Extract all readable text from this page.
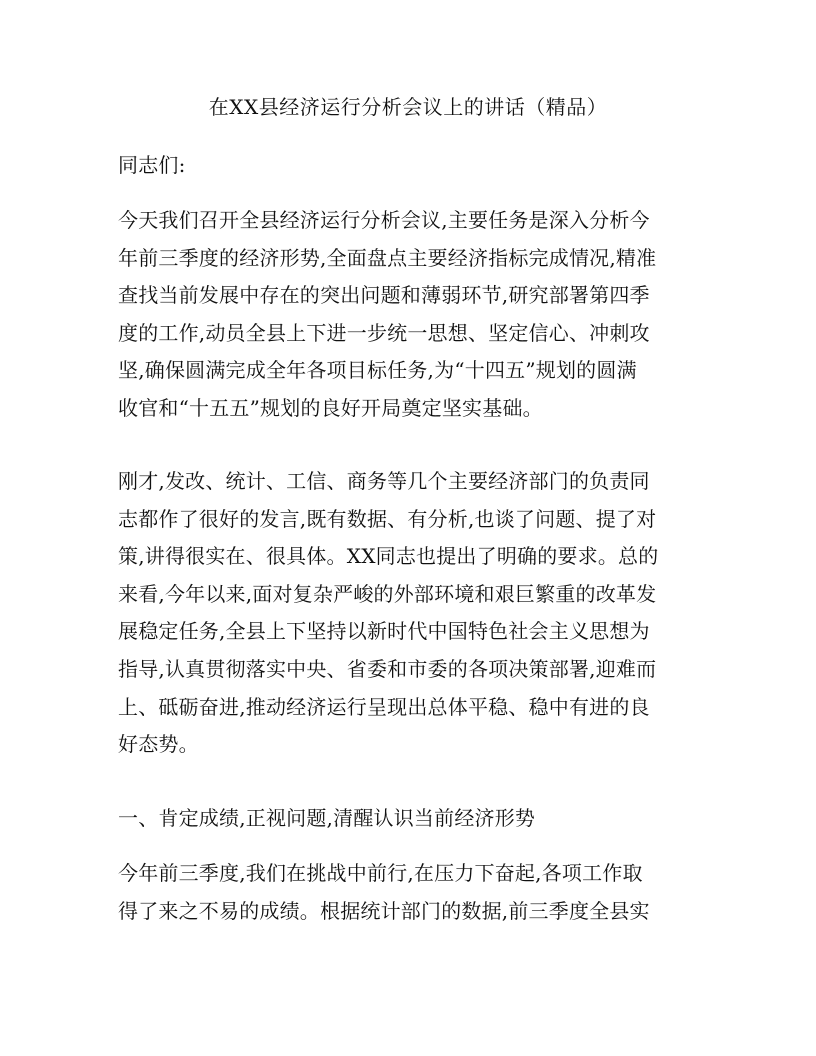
在XX县经济运行分析会议上的讲话（精品）
同志们:
今天我们召开全县经济运行分析会议,主要任务是深入分析今
年前三季度的经济形势,全面盘点主要经济指标完成情况,精准
查找当前发展中存在的突出问题和薄弱环节,研究部署第四季
度的工作,动员全县上下进一步统一思想、坚定信心、冲刺攻
坚,确保圆满完成全年各项目标任务,为“十四五”规划的圆满
收官和“十五五”规划的良好开局奠定坚实基础。
刚才,发改、统计、工信、商务等几个主要经济部门的负责同
志都作了很好的发言,既有数据、有分析,也谈了问题、提了对
策,讲得很实在、很具体。XX同志也提出了明确的要求。总的
来看,今年以来,面对复杂严峻的外部环境和艰巨繁重的改革发
展稳定任务,全县上下坚持以新时代中国特色社会主义思想为
指导,认真贯彻落实中央、省委和市委的各项决策部署,迎难而
上、砥砺奋进,推动经济运行呈现出总体平稳、稳中有进的良
好态势。
一、肯定成绩,正视问题,清醒认识当前经济形势
今年前三季度,我们在挑战中前行,在压力下奋起,各项工作取
得了来之不易的成绩。根据统计部门的数据,前三季度全县实
